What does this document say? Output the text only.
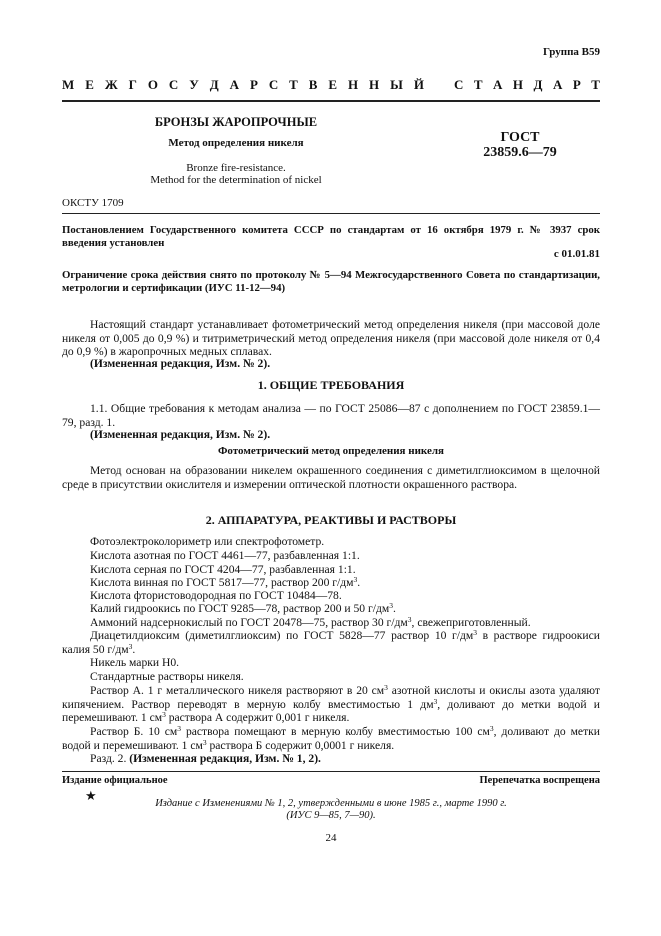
Группа В59
М Е Ж Г О С У Д А Р С Т В Е Н Н Ы Й С Т А Н Д А Р Т
БРОНЗЫ ЖАРОПРОЧНЫЕ
Метод определения никеля
Bronze fire-resistance.
Method for the determination of nickel
ГОСТ
23859.6—79
ОКСТУ 1709
Постановлением Государственного комитета СССР по стандартам от 16 октября 1979 г. № 3937 срок введения установлен
с 01.01.81
Ограничение срока действия снято по протоколу № 5—94 Межгосударственного Совета по стандартизации, метрологии и сертификации (ИУС 11-12—94)
Настоящий стандарт устанавливает фотометрический метод определения никеля (при массовой доле никеля от 0,005 до 0,9 %) и титриметрический метод определения никеля (при массовой доле никеля от 0,4 до 0,9 %) в жаропрочных медных сплавах.
(Измененная редакция, Изм. № 2).
1. ОБЩИЕ ТРЕБОВАНИЯ
1.1. Общие требования к методам анализа — по ГОСТ 25086—87 с дополнением по ГОСТ 23859.1—79, разд. 1.
(Измененная редакция, Изм. № 2).
Фотометрический метод определения никеля
Метод основан на образовании никелем окрашенного соединения с диметилглиоксимом в щелочной среде в присутствии окислителя и измерении оптической плотности окрашенного раствора.
2. АППАРАТУРА, РЕАКТИВЫ И РАСТВОРЫ
Фотоэлектроколориметр или спектрофотометр.
Кислота азотная по ГОСТ 4461—77, разбавленная 1:1.
Кислота серная по ГОСТ 4204—77, разбавленная 1:1.
Кислота винная по ГОСТ 5817—77, раствор 200 $г/дм^3$.
Кислота фтористоводородная по ГОСТ 10484—78.
Калий гидроокись по ГОСТ 9285—78, раствор 200 и 50 $г/дм^3$.
Аммоний надсернокислый по ГОСТ 20478—75, раствор 30 $г/дм^3$, свежеприготовленный.
Диацетилдиоксим (диметилглиоксим) по ГОСТ 5828—77 раствор 10 $г/дм^3$ в растворе гидроокиси калия 50 $г/дм^3$.
Никель марки Н0.
Стандартные растворы никеля.
Раствор А. 1 г металлического никеля растворяют в 20 $см^3$ азотной кислоты и окислы азота удаляют кипячением. Раствор переводят в мерную колбу вместимостью 1 $дм^3$, доливают до метки водой и перемешивают. 1 $см^3$ раствора А содержит 0,001 г никеля.
Раствор Б. 10 $см^3$ раствора помещают в мерную колбу вместимостью 100 $см^3$, доливают до метки водой и перемешивают. 1 $см^3$ раствора Б содержит 0,0001 г никеля.
Разд. 2. (Измененная редакция, Изм. № 1, 2).
Издание официальное	Перепечатка воспрещена
★
Издание с Изменениями № 1, 2, утвержденными в июне 1985 г., марте 1990 г.
(ИУС 9—85, 7—90).
24
